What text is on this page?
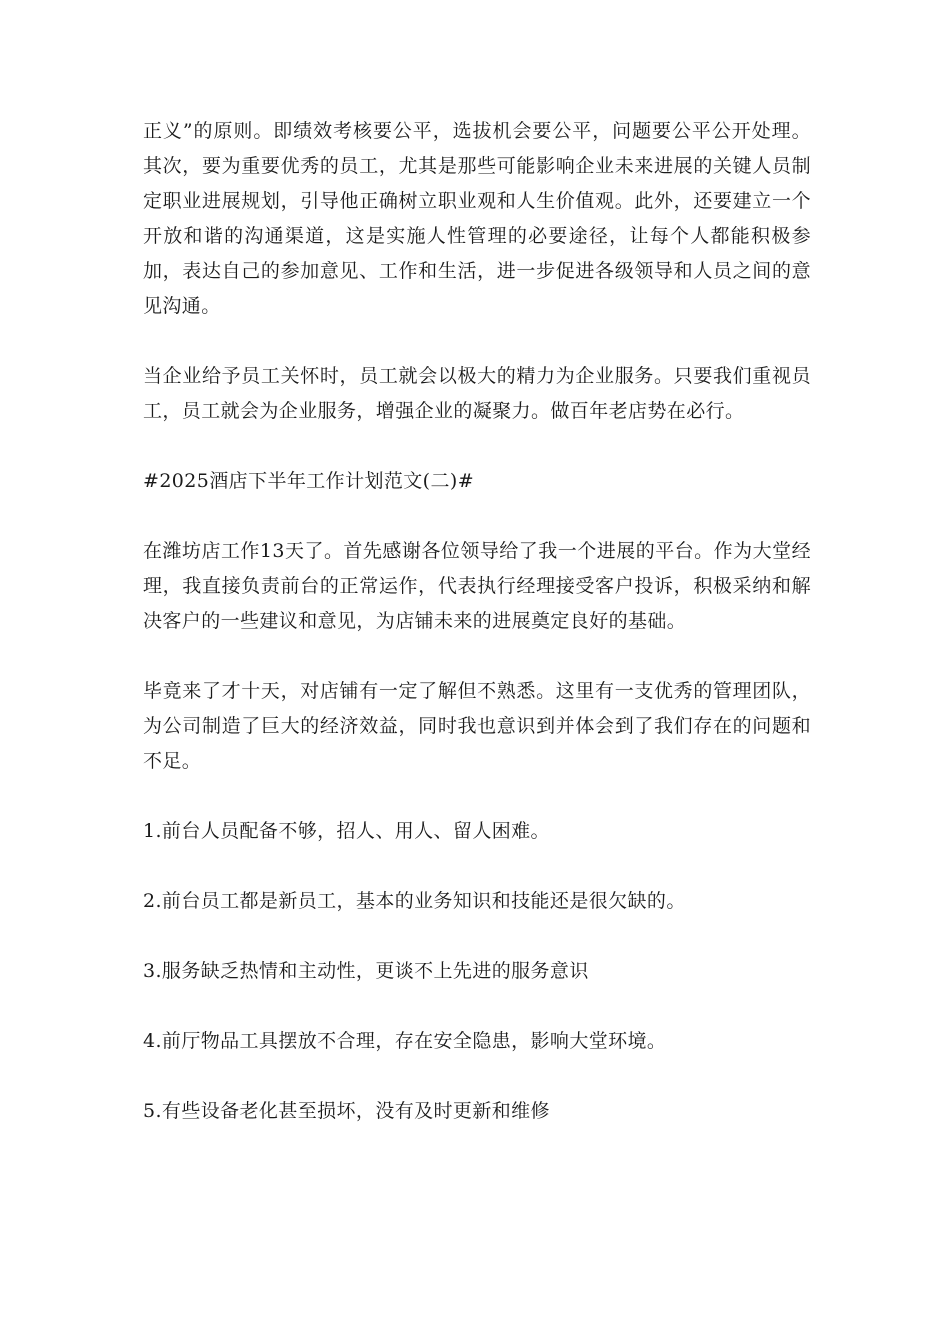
正义”的原则。即绩效考核要公平，选拔机会要公平，问题要公平公开处理。其次，要为重要优秀的员工，尤其是那些可能影响企业未来进展的关键人员制定职业进展规划，引导他正确树立职业观和人生价值观。此外，还要建立一个开放和谐的沟通渠道，这是实施人性管理的必要途径，让每个人都能积极参加，表达自己的参加意见、工作和生活，进一步促进各级领导和人员之间的意见沟通。

当企业给予员工关怀时，员工就会以极大的精力为企业服务。只要我们重视员工，员工就会为企业服务，增强企业的凝聚力。做百年老店势在必行。

#2025酒店下半年工作计划范文(二)#

在潍坊店工作13天了。首先感谢各位领导给了我一个进展的平台。作为大堂经理，我直接负责前台的正常运作，代表执行经理接受客户投诉，积极采纳和解决客户的一些建议和意见，为店铺未来的进展奠定良好的基础。

毕竟来了才十天，对店铺有一定了解但不熟悉。这里有一支优秀的管理团队，为公司制造了巨大的经济效益，同时我也意识到并体会到了我们存在的问题和不足。

1.前台人员配备不够，招人、用人、留人困难。

2.前台员工都是新员工，基本的业务知识和技能还是很欠缺的。

3.服务缺乏热情和主动性，更谈不上先进的服务意识

4.前厅物品工具摆放不合理，存在安全隐患，影响大堂环境。

5.有些设备老化甚至损坏，没有及时更新和维修
